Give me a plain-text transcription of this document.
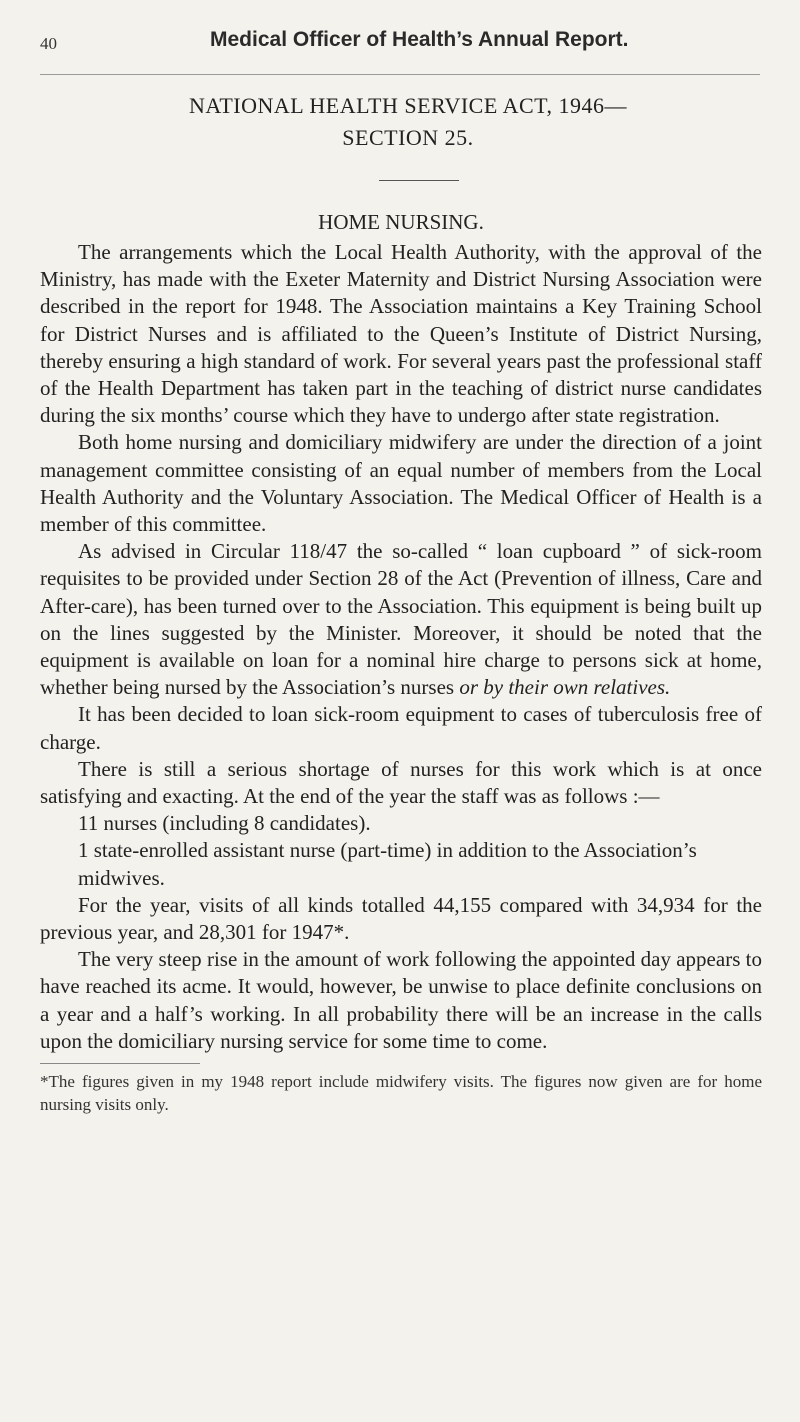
40	Medical Officer of Health’s Annual Report.
NATIONAL HEALTH SERVICE ACT, 1946—
SECTION 25.
HOME NURSING.

The arrangements which the Local Health Authority, with the approval of the Ministry, has made with the Exeter Maternity and District Nursing Association were described in the report for 1948. The Association maintains a Key Training School for District Nurses and is affiliated to the Queen’s Institute of District Nursing, thereby ensuring a high standard of work. For several years past the professional staff of the Health Department has taken part in the teaching of district nurse candidates during the six months’ course which they have to undergo after state registration.

Both home nursing and domiciliary midwifery are under the direction of a joint management committee consisting of an equal number of members from the Local Health Authority and the Voluntary Association. The Medical Officer of Health is a member of this committee.

As advised in Circular 118/47 the so-called “ loan cupboard ” of sick-room requisites to be provided under Section 28 of the Act (Prevention of illness, Care and After-care), has been turned over to the Association. This equipment is being built up on the lines suggested by the Minister. Moreover, it should be noted that the equipment is available on loan for a nominal hire charge to persons sick at home, whether being nursed by the Association’s nurses or by their own relatives.

It has been decided to loan sick-room equipment to cases of tuberculosis free of charge.

There is still a serious shortage of nurses for this work which is at once satisfying and exacting. At the end of the year the staff was as follows :—

11 nurses (including 8 candidates).
1 state-enrolled assistant nurse (part-time) in addition to the Association’s midwives.

For the year, visits of all kinds totalled 44,155 compared with 34,934 for the previous year, and 28,301 for 1947*.

The very steep rise in the amount of work following the appointed day appears to have reached its acme. It would, however, be unwise to place definite conclusions on a year and a half’s working. In all probability there will be an increase in the calls upon the domiciliary nursing service for some time to come.

*The figures given in my 1948 report include midwifery visits. The figures now given are for home nursing visits only.
